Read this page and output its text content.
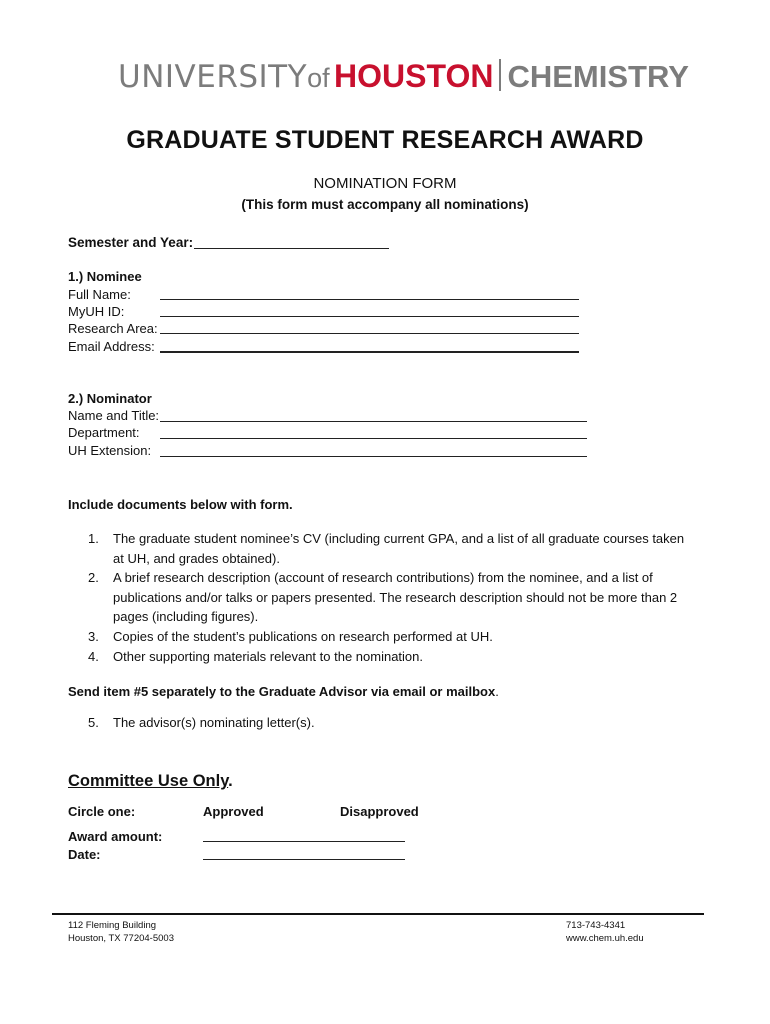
UNIVERSITYof HOUSTON CHEMISTRY
GRADUATE STUDENT RESEARCH AWARD
NOMINATION FORM
(This form must accompany all nominations)
Semester and Year:
1.) Nominee
Full Name:
MyUH ID:
Research Area:
Email Address:
2.) Nominator
Name and Title:
Department:
UH Extension:
Include documents below with form.
1.	The graduate student nominee’s CV (including current GPA, and a list of all graduate courses taken at UH, and grades obtained).
2.	A brief research description (account of research contributions) from the nominee, and a list of publications and/or talks or papers presented. The research description should not be more than 2 pages (including figures).
3.	Copies of the student’s publications on research performed at UH.
4.	Other supporting materials relevant to the nomination.
Send item #5 separately to the Graduate Advisor via email or mailbox.
5.	The advisor(s) nominating letter(s).
Committee Use Only.
Circle one:	Approved	Disapproved
Award amount:
Date:
112 Fleming Building
Houston, TX 77204-5003
713-743-4341
www.chem.uh.edu
